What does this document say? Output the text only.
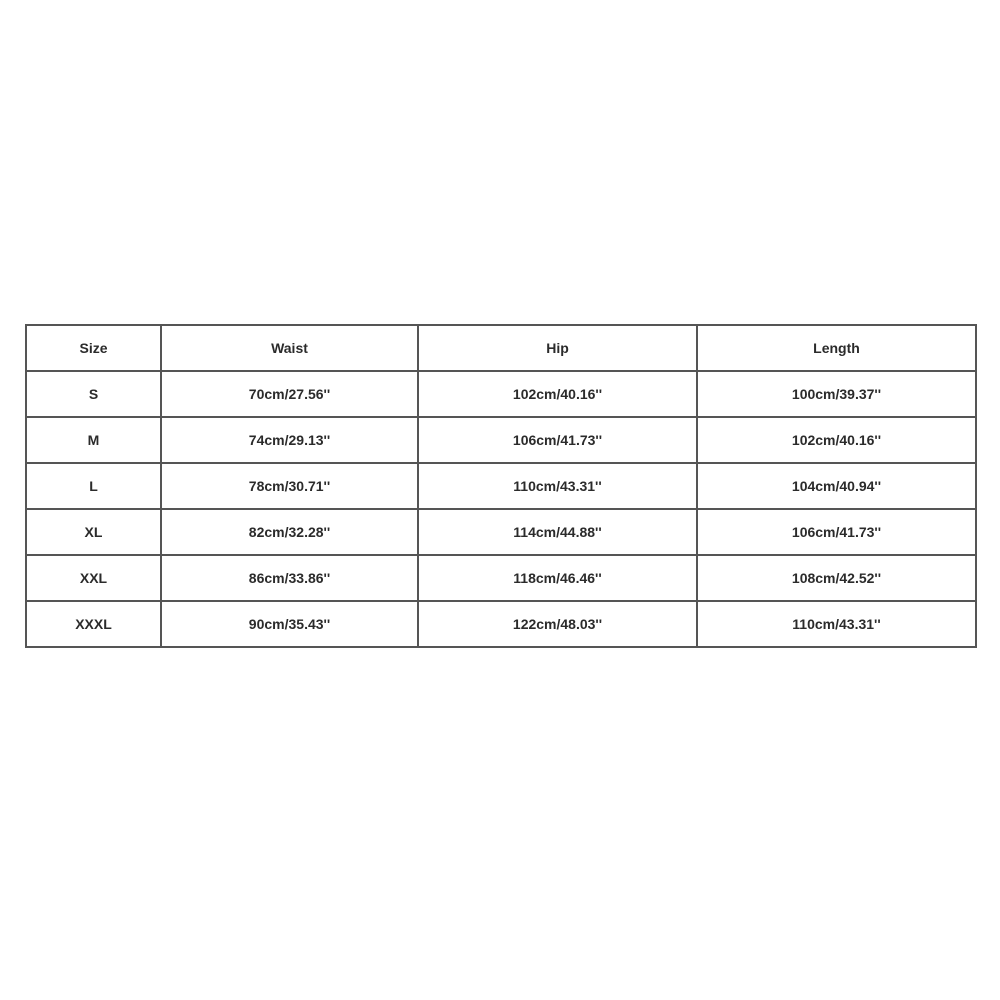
Size	Waist	Hip	Length
S	70cm/27.56''	102cm/40.16''	100cm/39.37''
M	74cm/29.13''	106cm/41.73''	102cm/40.16''
L	78cm/30.71''	110cm/43.31''	104cm/40.94''
XL	82cm/32.28''	114cm/44.88''	106cm/41.73''
XXL	86cm/33.86''	118cm/46.46''	108cm/42.52''
XXXL	90cm/35.43''	122cm/48.03''	110cm/43.31''
